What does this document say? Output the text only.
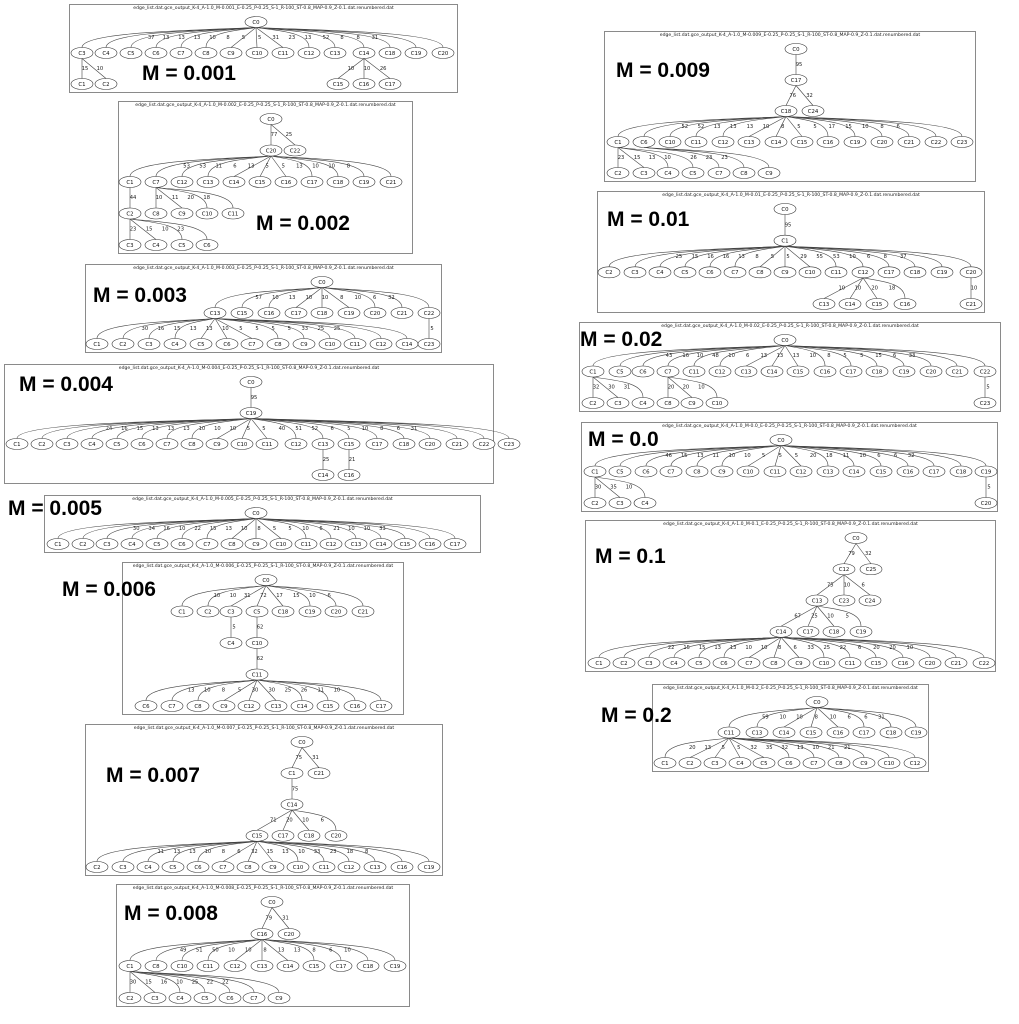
edge_list.dat.gce_output_K-4_A-1.0_M-0.001_E-0.25_P-0.25_S-1_R-100_ST-0.8_MAP-0.9_Z-0.1.dat.renumbered.dat
37 13 13 13 10 8 5 5 31 23 13 52 8 8 31
15 10	10 10 26
C0
C3	C4	C5	C6	C7	C8	C9	C10	C11	C12	C13	C14	C18	C19	C20
C1	C2	C15	C16	C17
edge_list.dat.gce_output_K-4_A-1.0_M-0.002_E-0.25_P-0.25_S-1_R-100_ST-0.8_MAP-0.9_Z-0.1.dat.renumbered.dat
77 25
53 53 11 6 13 5 5 13 10 10 8
44	10 11 20 18
23 15 10 23
C0
C20 C22
C1	C7	C12	C13	C14	C15	C16	C17	C18	C19	C21
C2	C8	C9	C10	C11
C3	C4	C5	C6
edge_list.dat.gce_output_K-4_A-1.0_M-0.003_E-0.25_P-0.25_S-1_R-100_ST-0.8_MAP-0.9_Z-0.1.dat.renumbered.dat
57 10 13 10 10 8 10 6 32
30 16 15 13 13 10 5 5 5 5 33 25 25	5
C0
C13	C15	C16	C17	C18	C19	C20	C21	C22
C1	C2	C3	C4	C5	C6	C7	C8	C9	C10	C11	C12	C14 C23
edge_list.dat.gce_output_K-4_A-1.0_M-0.004_E-0.25_P-0.25_S-1_R-100_ST-0.8_MAP-0.9_Z-0.1.dat.renumbered.dat
95
24 16 15 13 13 13 10 10 10 5 5	40 51 52 6	5 10 8	6 31
25	21
C0
C19
C1	C2	C3	C4	C5	C6	C7	C8	C9	C10	C11	C12	C13	C15	C17	C18	C20	C21	C22	C23
C14	C16
edge_list.dat.gce_output_K-4_A-1.0_M-0.005_E-0.25_P-0.25_S-1_R-100_ST-0.8_MAP-0.9_Z-0.1.dat.renumbered.dat
30 34 16 10 22 15 13 10 8 5 5 10 6 21 10 10 33
C0
C1	C2	C3	C4	C5	C6	C7	C8	C9	C10	C11	C12	C13	C14 C15	C16	C17
edge_list.dat.gce_output_K-4_A-1.0_M-0.006_E-0.25_P-0.25_S-1_R-100_ST-0.8_MAP-0.9_Z-0.1.dat.renumbered.dat
10 10 31 72 17 15 10 6
5	62
62
13 10 8 5 30 30 25 26 11 10
C0
C1	C2	C3	C5	C18	C19	C20	C21
C4	C10
C11
C6	C7	C8	C9	C12	C13	C14	C15	C16	C17
edge_list.dat.gce_output_K-4_A-1.0_M-0.007_E-0.25_P-0.25_S-1_R-100_ST-0.8_MAP-0.9_Z-0.1.dat.renumbered.dat
75 31
75
71 20 10 6
11 13 13 10 8 6 32 15 13 10 33 23 18 8
C0
C1	C21
C14
C15	C17	C18	C20
C2	C3	C4	C5	C6	C7	C8	C9	C10	C11	C12	C13	C16	C19
edge_list.dat.gce_output_K-4_A-1.0_M-0.008_E-0.25_P-0.25_S-1_R-100_ST-0.8_MAP-0.9_Z-0.1.dat.renumbered.dat
79 31
49 51 50 10 10 8 13 13 8	6 10
30 15 16 10 25 22 22
C0
C16	C20
C1	C8	C10	C11	C12	C13	C14	C15	C17	C18	C19
C2	C3	C4	C5	C6	C7	C9
edge_list.dat.gce_output_K-4_A-1.0_M-0.009_E-0.25_P-0.25_S-1_R-100_ST-0.8_MAP-0.9_Z-0.1.dat.renumbered.dat
95
76 32
52 52 13 13 13 10 8 5 5 17 15 10 8 6
23 15 13 10	26 23 23
C0
C17
C18	C24
C1	C6	C10	C11	C12	C13	C14	C15	C16	C19	C20	C21	C22	C23
C2	C3	C4	C5	C7	C8	C9
edge_list.dat.gce_output_K-4_A-1.0_M-0.01_E-0.25_P-0.25_S-1_R-100_ST-0.8_MAP-0.9_Z-0.1.dat.renumbered.dat
95
25 15 16 16 13 8 5 5 29 55 53 10 6	8	37
10 10 20 18	10
C0
C1
C2	C3	C4	C5	C6	C7	C8	C9	C10	C11	C12	C17	C18	C19	C20
C13	C14	C15	C16	C21
edge_list.dat.gce_output_K-4_A-1.0_M-0.02_E-0.25_P-0.25_S-1_R-100_ST-0.8_MAP-0.9_Z-0.1.dat.renumbered.dat
43 16 10 48 10 6 13 13 13 10 8 5	5 15 6 33
32 30 31	20 20 10	5
C0
C1	C5	C6	C7	C11	C12	C13	C14	C15	C16	C17	C18	C19	C20	C21	C22
C2	C3	C4	C8	C9	C10	C23
edge_list.dat.gce_output_K-4_A-1.0_M-0.0_E-0.25_P-0.25_S-1_R-100_ST-0.8_MAP-0.9_Z-0.1.dat.renumbered.dat
46 15 13 11 10 10 5	5 5 20 18 11 10 6	6 32
30 35 10	5
C0
C1	C5	C6	C7	C8	C9	C10	C11	C12	C13	C14	C15	C16	C17	C18	C19
C2	C3	C4	C20
edge_list.dat.gce_output_K-4_A-1.0_M-0.1_E-0.25_P-0.25_S-1_R-100_ST-0.8_MAP-0.9_Z-0.1.dat.renumbered.dat
79 32
75 10 6
67 25 10 5
22 15 15 13 13 10 10 8 6 33 25 22 6 20 20 10
C0
C12	C25
C13	C23	C24
C14	C17	C18	C19
C1	C2	C3	C4	C5	C6	C7	C8	C9	C10	C11	C15	C16	C20	C21	C22
edge_list.dat.gce_output_K-4_A-1.0_M-0.2_E-0.25_P-0.25_S-1_R-100_ST-0.8_MAP-0.9_Z-0.1.dat.renumbered.dat
59 10 10 8 10 6	6 31
20 13 5 5 32 35 32 13 10 21 21
C0
C11	C13	C14	C15	C16	C17	C18	C19
C1	C2	C3	C4	C5	C6	C7	C8	C9	C10	C12
M = 0.001
M = 0.002
M = 0.003
M = 0.004
M = 0.005
M = 0.006
M = 0.007
M = 0.008
M = 0.009
M = 0.01
M = 0.02
M = 0.0
M = 0.1
M = 0.2
